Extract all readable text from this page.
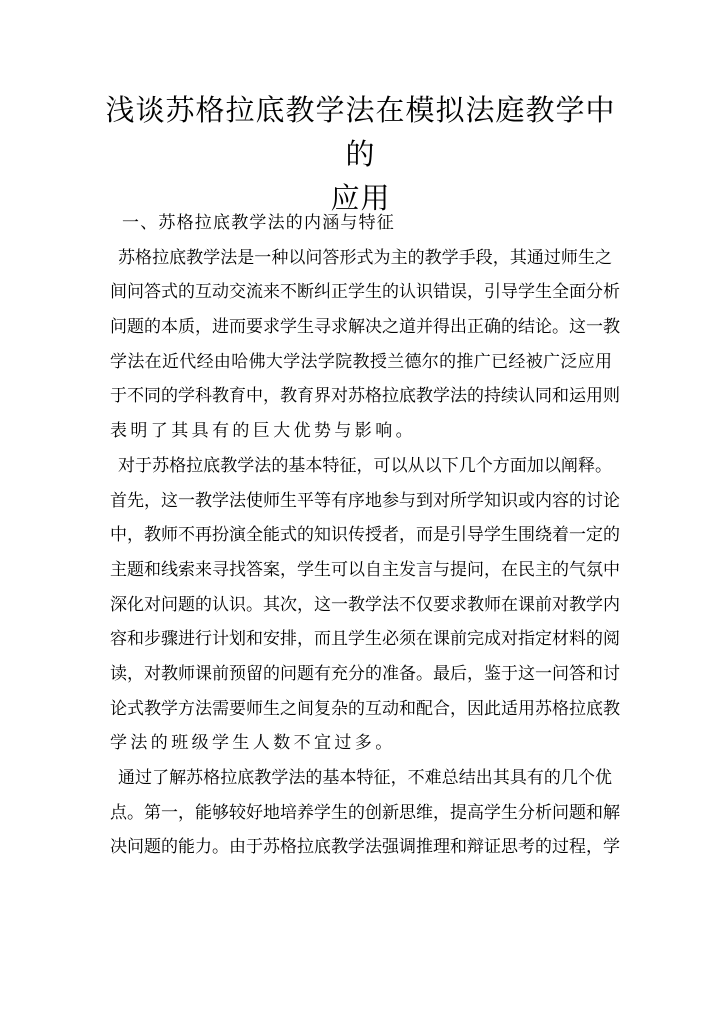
浅谈苏格拉底教学法在模拟法庭教学中的
应用
一、苏格拉底教学法的内涵与特征
苏格拉底教学法是一种以问答形式为主的教学手段，其通过师生之
间问答式的互动交流来不断纠正学生的认识错误，引导学生全面分析
问题的本质，进而要求学生寻求解决之道并得出正确的结论。这一教
学法在近代经由哈佛大学法学院教授兰德尔的推广已经被广泛应用
于不同的学科教育中，教育界对苏格拉底教学法的持续认同和运用则
表明了其具有的巨大优势与影响。
对于苏格拉底教学法的基本特征，可以从以下几个方面加以阐释。
首先，这一教学法使师生平等有序地参与到对所学知识或内容的讨论
中，教师不再扮演全能式的知识传授者，而是引导学生围绕着一定的
主题和线索来寻找答案，学生可以自主发言与提问，在民主的气氛中
深化对问题的认识。其次，这一教学法不仅要求教师在课前对教学内
容和步骤进行计划和安排，而且学生必须在课前完成对指定材料的阅
读，对教师课前预留的问题有充分的准备。最后，鉴于这一问答和讨
论式教学方法需要师生之间复杂的互动和配合，因此适用苏格拉底教
学法的班级学生人数不宜过多。
通过了解苏格拉底教学法的基本特征，不难总结出其具有的几个优
点。第一，能够较好地培养学生的创新思维，提高学生分析问题和解
决问题的能力。由于苏格拉底教学法强调推理和辩证思考的过程，学
